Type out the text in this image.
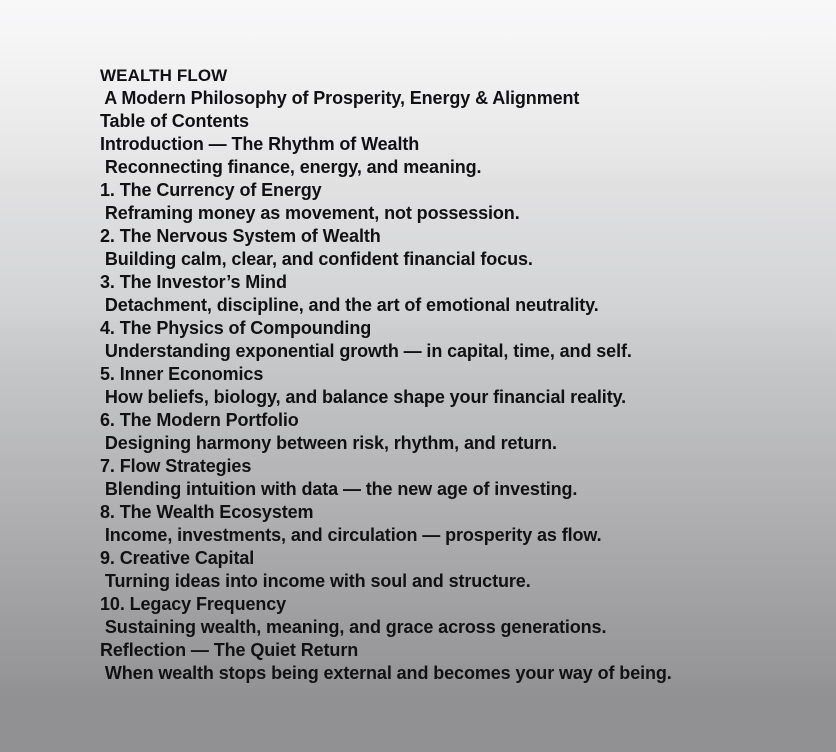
WEALTH FLOW
A Modern Philosophy of Prosperity, Energy & Alignment
Table of Contents
Introduction — The Rhythm of Wealth
Reconnecting finance, energy, and meaning.
1. The Currency of Energy
Reframing money as movement, not possession.
2. The Nervous System of Wealth
Building calm, clear, and confident financial focus.
3. The Investor’s Mind
Detachment, discipline, and the art of emotional neutrality.
4. The Physics of Compounding
Understanding exponential growth — in capital, time, and self.
5. Inner Economics
How beliefs, biology, and balance shape your financial reality.
6. The Modern Portfolio
Designing harmony between risk, rhythm, and return.
7. Flow Strategies
Blending intuition with data — the new age of investing.
8. The Wealth Ecosystem
Income, investments, and circulation — prosperity as flow.
9. Creative Capital
Turning ideas into income with soul and structure.
10. Legacy Frequency
Sustaining wealth, meaning, and grace across generations.
Reflection — The Quiet Return
When wealth stops being external and becomes your way of being.
